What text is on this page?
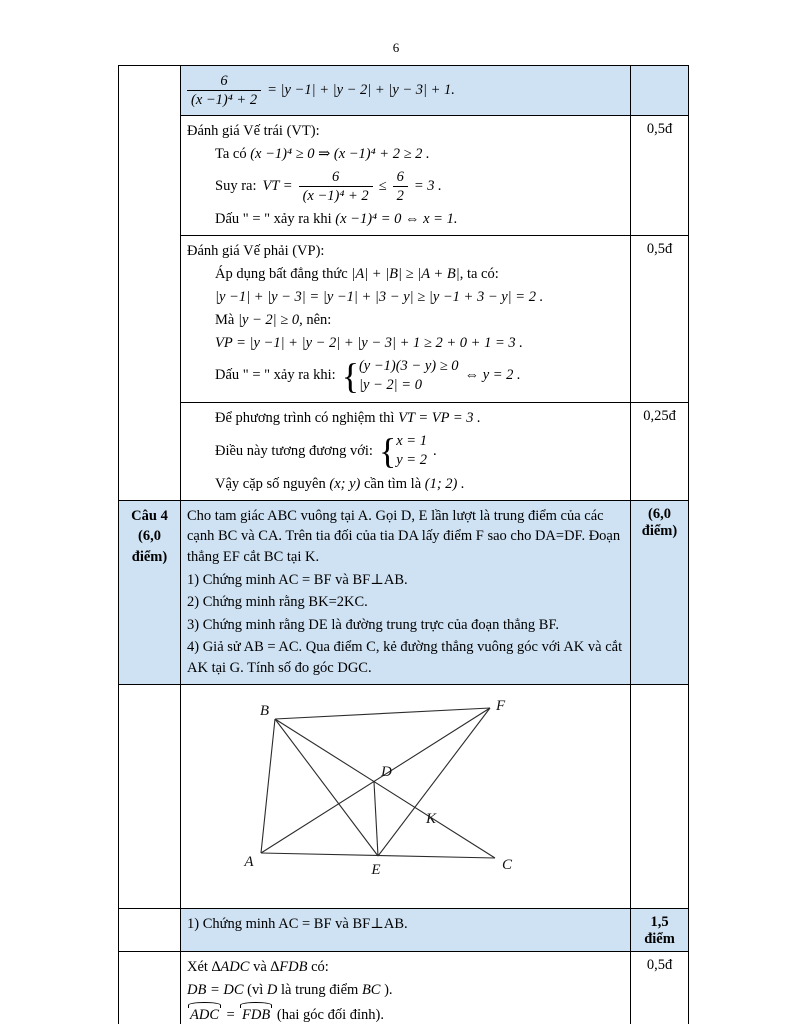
6

	$\frac{6}{\text{(x −1)⁴ + 2}} = |y -1| + |y - 2| + |y - 3| + 1$.	

Đánh giá Vế trái (VT):
Ta có (x −1)⁴ ≥ 0 ⇒ (x −1)⁴ + 2 ≥ 2 .
Suy ra: VT = $\frac{6}{\text{(x −1)⁴ + 2}} \le \frac{6}{2} = 3$ .
Dấu " = " xảy ra khi (x −1)⁴ = 0 ⇔ x = 1.
	0,5đ

Đánh giá Vế phải (VP):
Áp dụng bất đẳng thức |A| + |B| ≥ |A + B|, ta có:
|y −1| + |y − 3| = |y −1| + |3 − y| ≥ |y −1 + 3 − y| = 2 .
Mà |y − 2| ≥ 0, nên:
VP = |y −1| + |y − 2| + |y − 3| + 1 ≥ 2 + 0 + 1 = 3 .
Dấu " = " xảy ra khi: { (y −1)(3 − y) ≥ 0
|y − 2| = 0
⇔ y = 2 .
	0,5đ

Để phương trình có nghiệm thì VT = VP = 3 .
Điều này tương đương với: { x = 1
y = 2
.
Vậy cặp số nguyên (x; y) cần tìm là (1; 2) .
	0,25đ

Câu 4
(6,0 điểm)

Cho tam giác ABC vuông tại A. Gọi D, E lần lượt là trung điểm của các cạnh BC và CA. Trên tia đối của tia DA lấy điểm F sao cho DA=DF. Đoạn thẳng EF cắt BC tại K.
1) Chứng minh AC = BF và BF⊥AB.
2) Chứng minh rằng BK=2KC.
3) Chứng minh rằng DE là đường trung trực của đoạn thẳng BF.
4) Giả sử AB = AC. Qua điểm C, kẻ đường thẳng vuông góc với AK và cắt AK tại G. Tính số đo góc DGC.
	(6,0 điểm)

B	F
D
K
A	C
E

	1) Chứng minh AC = BF và BF⊥AB.	1,5 điểm

	Xét ∆ADC và ∆FDB có:
DB = DC (vì D là trung điểm BC ).
ADC = FDB (hai góc đối đỉnh).	0,5đ
